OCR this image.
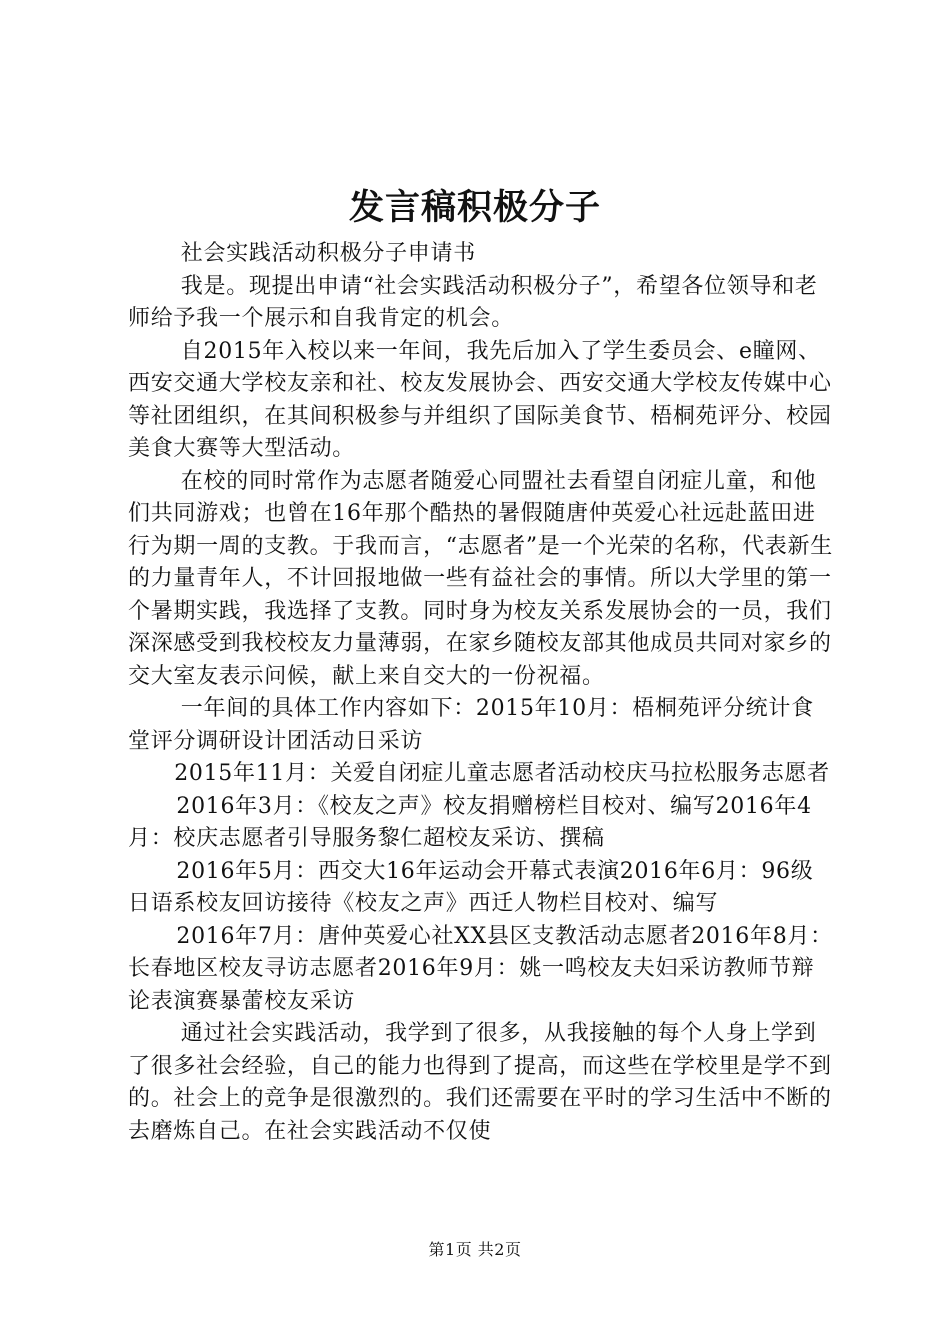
发言稿积极分子

社会实践活动积极分子申请书

我是。现提出申请“社会实践活动积极分子”，希望各位领导和老师给予我一个展示和自我肯定的机会。

自2015年入校以来一年间，我先后加入了学生委员会、e瞳网、西安交通大学校友亲和社、校友发展协会、西安交通大学校友传媒中心等社团组织，在其间积极参与并组织了国际美食节、梧桐苑评分、校园美食大赛等大型活动。

在校的同时常作为志愿者随爱心同盟社去看望自闭症儿童，和他们共同游戏；也曾在16年那个酷热的暑假随唐仲英爱心社远赴蓝田进行为期一周的支教。于我而言，“志愿者”是一个光荣的名称，代表新生的力量青年人，不计回报地做一些有益社会的事情。所以大学里的第一个暑期实践，我选择了支教。同时身为校友关系发展协会的一员，我们深深感受到我校校友力量薄弱，在家乡随校友部其他成员共同对家乡的交大室友表示问候，献上来自交大的一份祝福。

一年间的具体工作内容如下：2015年10月：梧桐苑评分统计食堂评分调研设计团活动日采访

2015年11月：关爱自闭症儿童志愿者活动校庆马拉松服务志愿者

2016年3月：《校友之声》校友捐赠榜栏目校对、编写2016年4月：校庆志愿者引导服务黎仁超校友采访、撰稿

2016年5月：西交大16年运动会开幕式表演2016年6月：96级日语系校友回访接待《校友之声》西迁人物栏目校对、编写

2016年7月：唐仲英爱心社XX县区支教活动志愿者2016年8月：长春地区校友寻访志愿者2016年9月：姚一鸣校友夫妇采访教师节辩论表演赛暴蕾校友采访

通过社会实践活动，我学到了很多，从我接触的每个人身上学到了很多社会经验，自己的能力也得到了提高，而这些在学校里是学不到的。社会上的竞争是很激烈的。我们还需要在平时的学习生活中不断的去磨炼自己。在社会实践活动不仅使

第1页 共2页
